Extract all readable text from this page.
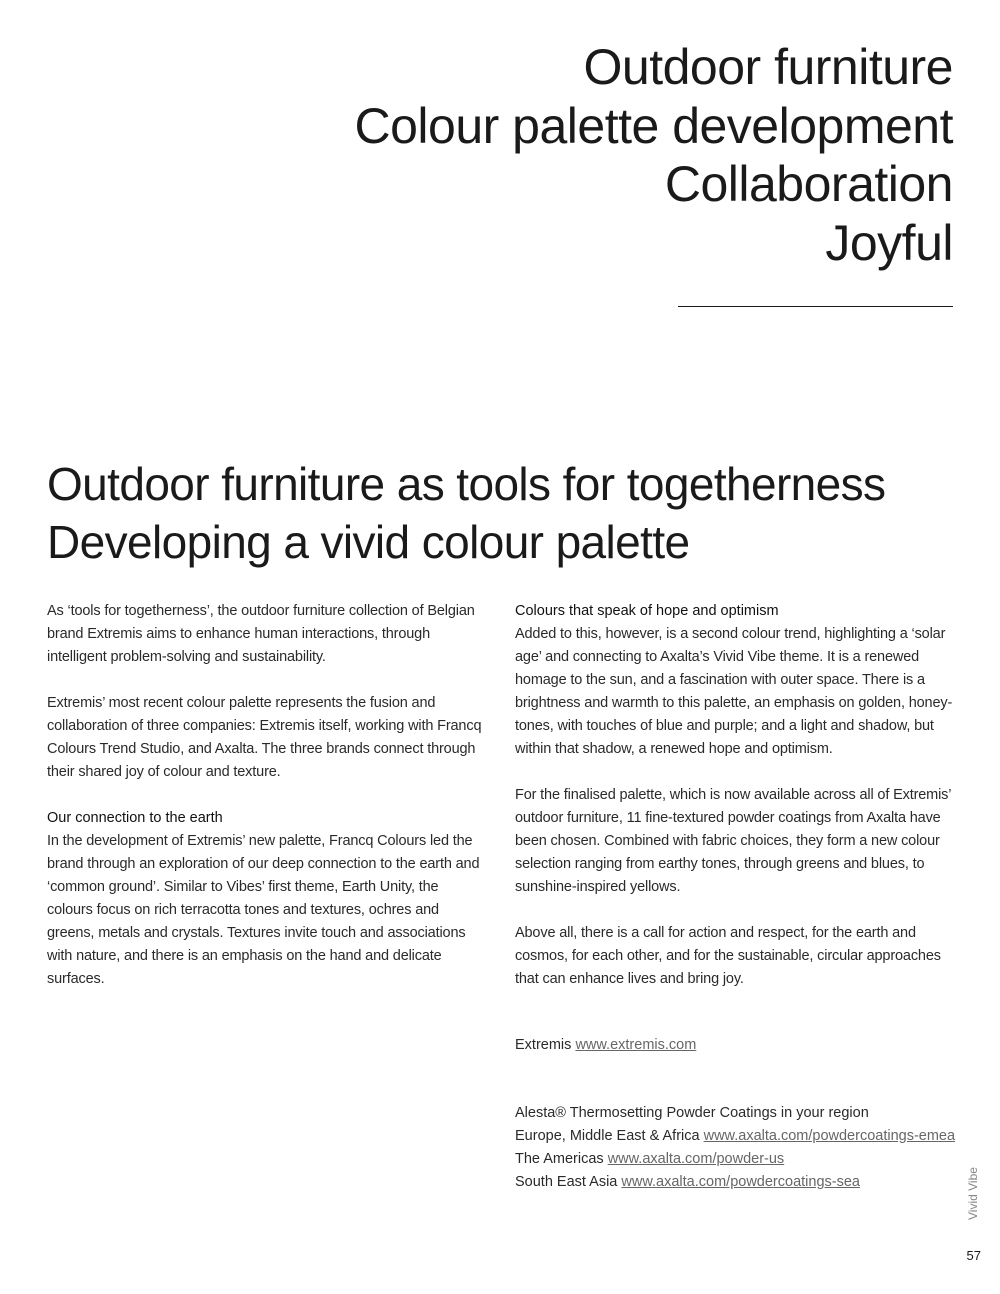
Outdoor furniture
Colour palette development
Collaboration
Joyful
Outdoor furniture as tools for togetherness
Developing a vivid colour palette

As ‘tools for togetherness’, the outdoor furniture collection of Belgian brand Extremis aims to enhance human interactions, through intelligent problem-solving and sustainability.

Extremis’ most recent colour palette represents the fusion and collaboration of three companies: Extremis itself, working with Francq Colours Trend Studio, and Axalta. The three brands connect through their shared joy of colour and texture.

Our connection to the earth

In the development of Extremis’ new palette, Francq Colours led the brand through an exploration of our deep connection to the earth and ‘common ground’. Similar to Vibes’ first theme, Earth Unity, the colours focus on rich terracotta tones and textures, ochres and greens, metals and crystals. Textures invite touch and associations with nature, and there is an emphasis on the hand and delicate surfaces.

Colours that speak of hope and optimism

Added to this, however, is a second colour trend, highlighting a ‘solar age’ and connecting to Axalta’s Vivid Vibe theme. It is a renewed homage to the sun, and a fascination with outer space. There is a brightness and warmth to this palette, an emphasis on golden, honey-tones, with touches of blue and purple; and a light and shadow, but within that shadow, a renewed hope and optimism.

For the finalised palette, which is now available across all of Extremis’ outdoor furniture, 11 fine-textured powder coatings from Axalta have been chosen. Combined with fabric choices, they form a new colour selection ranging from earthy tones, through greens and blues, to sunshine-inspired yellows.

Above all, there is a call for action and respect, for the earth and cosmos, for each other, and for the sustainable, circular approaches that can enhance lives and bring joy.

Extremis www.extremis.com
Alesta® Thermosetting Powder Coatings in your region
Europe, Middle East & Africa www.axalta.com/powdercoatings-emea
The Americas www.axalta.com/powder-us
South East Asia www.axalta.com/powdercoatings-sea	Vivid Vibe
57
